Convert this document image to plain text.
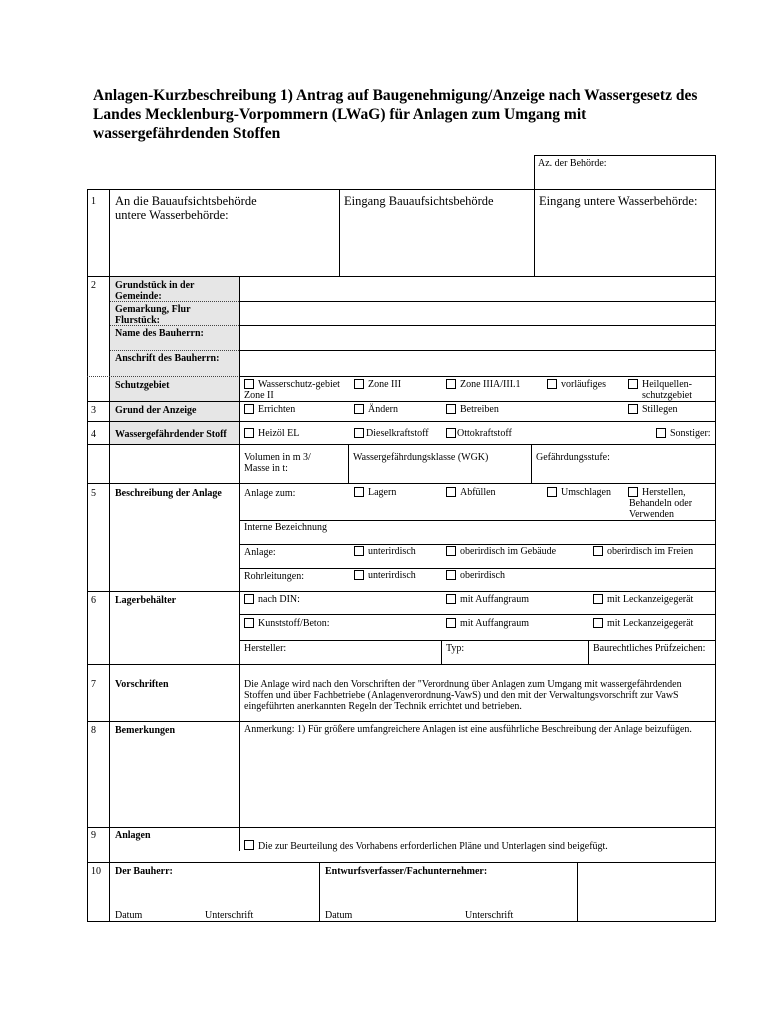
Anlagen-Kurzbeschreibung 1) Antrag auf Baugenehmigung/Anzeige nach Wassergesetz des Landes Mecklenburg-Vorpommern (LWaG) für Anlagen zum Umgang mit wassergefährdenden Stoffen
Az. der Behörde:
1 An die Bauaufsichtsbehörde
untere Wasserbehörde:
Eingang Bauaufsichtsbehörde	Eingang untere Wasserbehörde:
2 Grundstück in der
Gemeinde:
Gemarkung, Flur
Flurstück:
Name des Bauherrn:
Anschrift des Bauherrn:
Schutzgebiet	Wasserschutz-gebiet
Zone II
Zone III	Zone IIIA/III.1	vorläufiges	Heilquellen-
schutzgebiet
3 Grund der Anzeige	Errichten	Ändern	Betreiben	Stillegen
4 Wassergefährdender Stoff	Heizöl EL	Dieselkraftstoff	Ottokraftstoff	Sonstiger:
Volumen in m 3/
Masse in t:
Wassergefährdungsklasse (WGK)	Gefährdungsstufe:
5 Beschreibung der Anlage Anlage zum:	Lagern	Abfüllen	Umschlagen	Herstellen,
Behandeln oder
Verwenden
Interne Bezeichnung
Anlage:	unterirdisch	oberirdisch im Gebäude	oberirdisch im Freien
Rohrleitungen:	unterirdisch	oberirdisch
6 Lagerbehälter	nach DIN:	mit Auffangraum	mit Leckanzeigegerät
Kunststoff/Beton:	mit Auffangraum	mit Leckanzeigegerät
Hersteller:	Typ:	Baurechtliches Prüfzeichen:
7 Vorschriften	Die Anlage wird nach den Vorschriften der "Verordnung über Anlagen zum Umgang mit wassergefährdenden
Stoffen und über Fachbetriebe (Anlagenverordnung-VawS) und den mit der Verwaltungsvorschrift zur VawS
eingeführten anerkannten Regeln der Technik errichtet und betrieben.
8 Bemerkungen	Anmerkung: 1) Für größere umfangreichere Anlagen ist eine ausführliche Beschreibung der Anlage beizufügen.
9 Anlagen
Die zur Beurteilung des Vorhabens erforderlichen Pläne und Unterlagen sind beigefügt.
10 Der Bauherr:	Entwurfsverfasser/Fachunternehmer:
Datum	Unterschrift	Datum	Unterschrift
